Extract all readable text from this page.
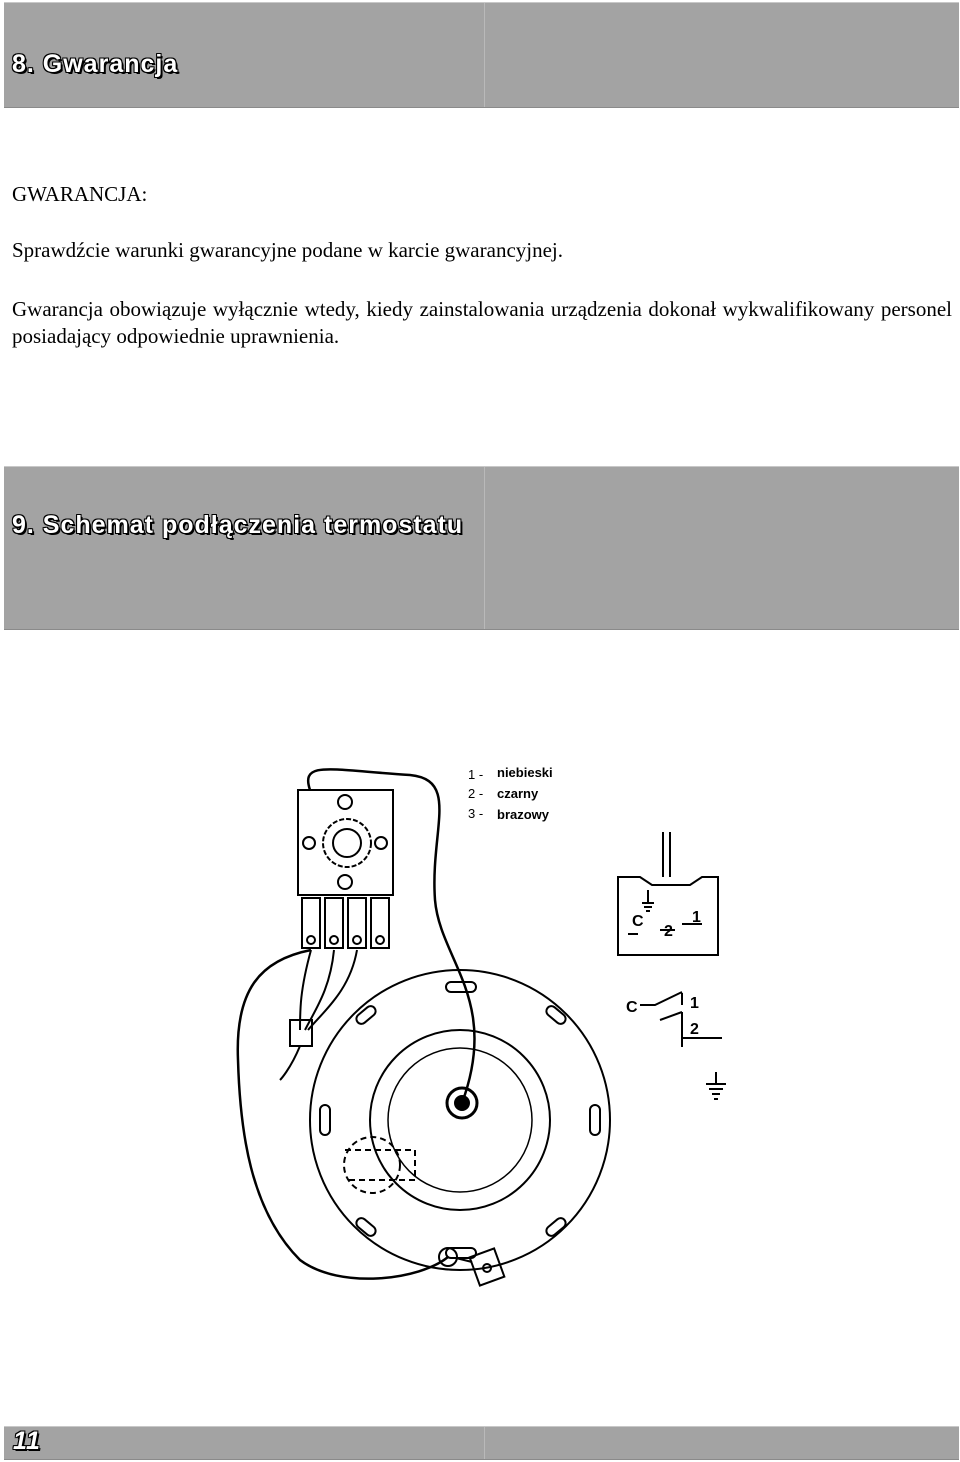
8. Gwarancja
GWARANCJA:
Sprawdźcie warunki gwarancyjne podane w karcie gwarancyjnej.
Gwarancja obowiązuje wyłącznie wtedy, kiedy zainstalowania urządzenia dokonał wykwalifikowany personel posiadający odpowiednie uprawnienia.
9. Schemat podłączenia termostatu
1 - niebieski
2 - czarny
3 - brazowy
C
2
1
C	1
2
11
